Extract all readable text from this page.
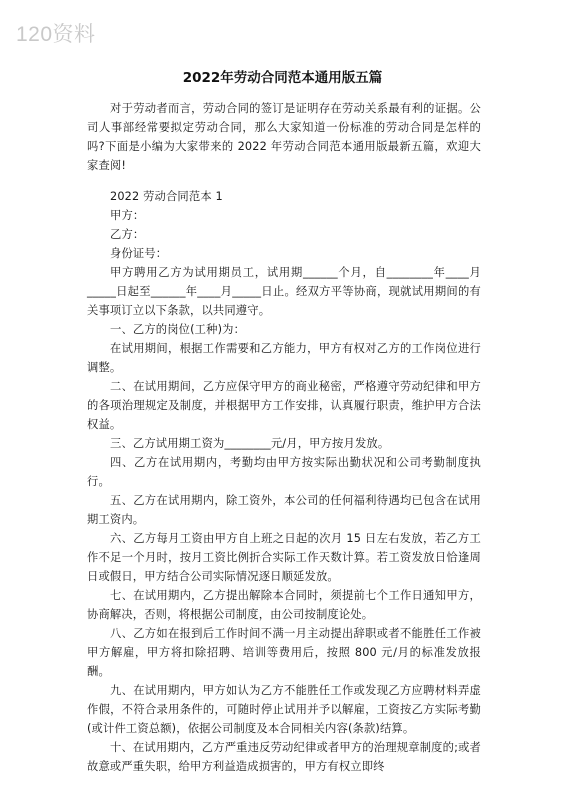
120资料
2022年劳动合同范本通用版五篇

对于劳动者而言，劳动合同的签订是证明存在劳动关系最有利的证据。公司人事部经常要拟定劳动合同，那么大家知道一份标准的劳动合同是怎样的吗?下面是小编为大家带来的 2022 年劳动合同范本通用版最新五篇，欢迎大家查阅!

2022 劳动合同范本 1

甲方：

乙方：

身份证号：

甲方聘用乙方为试用期员工，试用期______个月，自________年____月_____日起至______年____月_____日止。经双方平等协商，现就试用期间的有关事项订立以下条款，以共同遵守。

一、乙方的岗位(工种)为：

在试用期间，根据工作需要和乙方能力，甲方有权对乙方的工作岗位进行调整。

二、在试用期间，乙方应保守甲方的商业秘密，严格遵守劳动纪律和甲方的各项治理规定及制度，并根据甲方工作安排，认真履行职责，维护甲方合法权益。

三、乙方试用期工资为________元/月，甲方按月发放。

四、乙方在试用期内，考勤均由甲方按实际出勤状况和公司考勤制度执行。

五、乙方在试用期内，除工资外，本公司的任何福利待遇均已包含在试用期工资内。

六、乙方每月工资由甲方自上班之日起的次月 15 日左右发放，若乙方工作不足一个月时，按月工资比例折合实际工作天数计算。若工资发放日恰逢周日或假日，甲方结合公司实际情况逐日顺延发放。

七、在试用期内，乙方提出解除本合同时，须提前七个工作日通知甲方，协商解决，否则，将根据公司制度，由公司按制度论处。

八、乙方如在报到后工作时间不满一月主动提出辞职或者不能胜任工作被甲方解雇，甲方将扣除招聘、培训等费用后，按照 800 元/月的标准发放报酬。

九、在试用期内，甲方如认为乙方不能胜任工作或发现乙方应聘材料弄虚作假，不符合录用条件的，可随时停止试用并予以解雇，工资按乙方实际考勤(或计件工资总额)，依据公司制度及本合同相关内容(条款)结算。

十、在试用期内，乙方严重违反劳动纪律或者甲方的治理规章制度的;或者故意或严重失职，给甲方利益造成损害的，甲方有权立即终
